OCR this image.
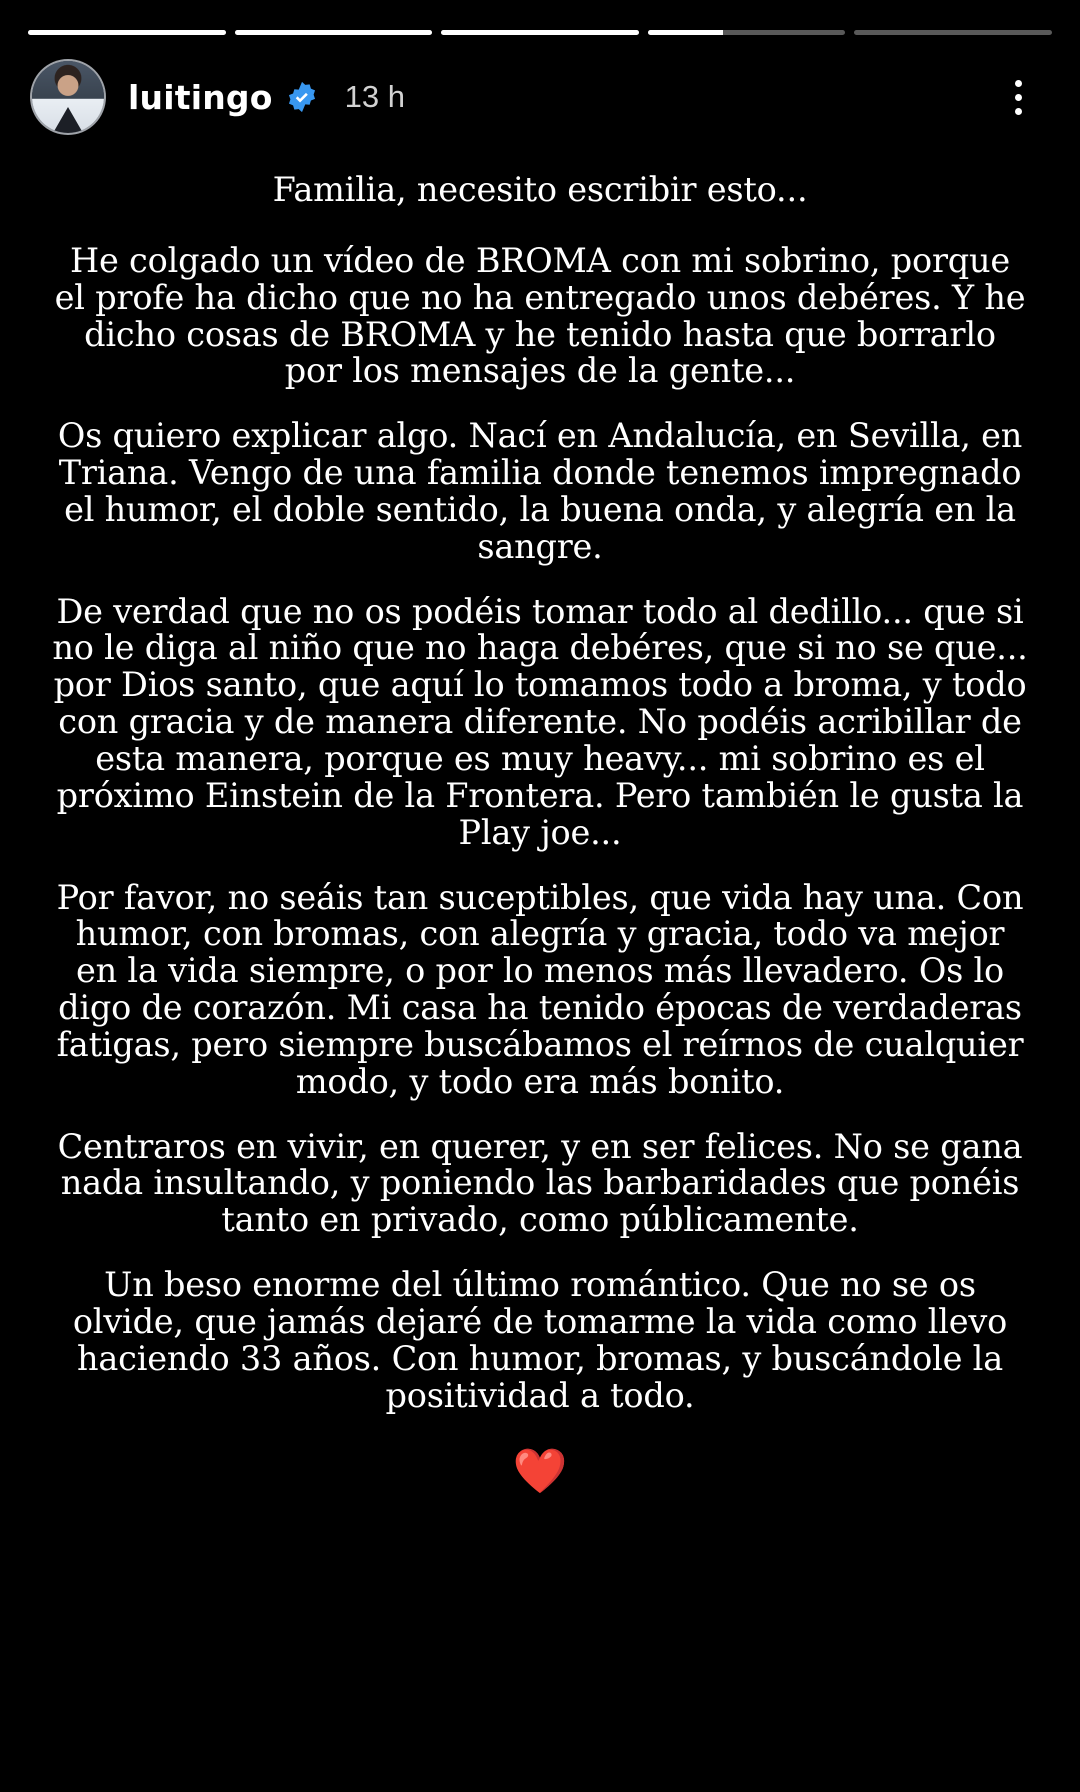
luitingo 13 h

Familia, necesito escribir esto...

He colgado un vídeo de BROMA con mi sobrino, porque el profe ha dicho que no ha entregado unos debéres. Y he dicho cosas de BROMA y he tenido hasta que borrarlo por los mensajes de la gente...

Os quiero explicar algo. Nací en Andalucía, en Sevilla, en Triana. Vengo de una familia donde tenemos impregnado el humor, el doble sentido, la buena onda, y alegría en la sangre.

De verdad que no os podéis tomar todo al dedillo... que si no le diga al niño que no haga debéres, que si no se que... por Dios santo, que aquí lo tomamos todo a broma, y todo con gracia y de manera diferente. No podéis acribillar de esta manera, porque es muy heavy... mi sobrino es el próximo Einstein de la Frontera. Pero también le gusta la Play joe...

Por favor, no seáis tan suceptibles, que vida hay una. Con humor, con bromas, con alegría y gracia, todo va mejor en la vida siempre, o por lo menos más llevadero. Os lo digo de corazón. Mi casa ha tenido épocas de verdaderas fatigas, pero siempre buscábamos el reírnos de cualquier modo, y todo era más bonito.

Centraros en vivir, en querer, y en ser felices. No se gana nada insultando, y poniendo las barbaridades que ponéis tanto en privado, como públicamente.

Un beso enorme del último romántico. Que no se os olvide, que jamás dejaré de tomarme la vida como llevo haciendo 33 años. Con humor, bromas, y buscándole la positividad a todo.

❤️
